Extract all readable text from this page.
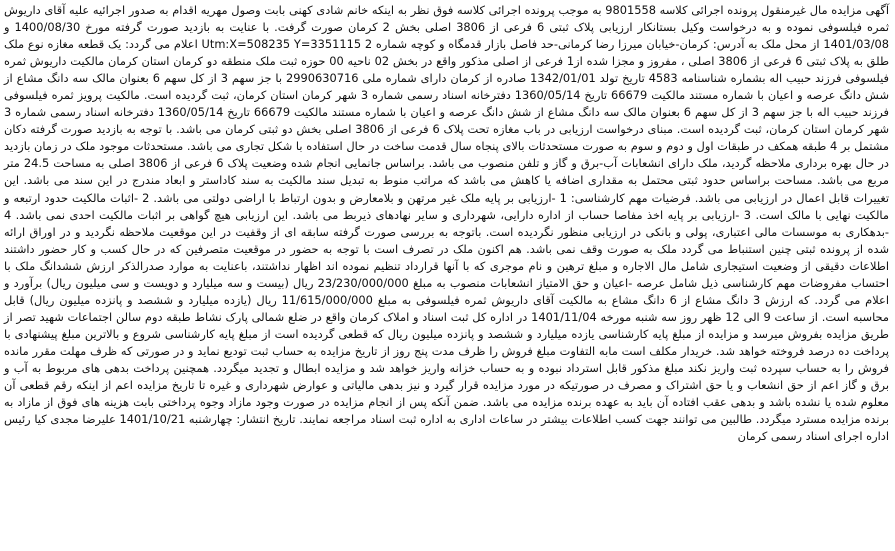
آگهی مزایده مال غیرمنقول پرونده اجرائی کلاسه 9801558 به موجب پرونده اجرائی کلاسه فوق نظر به اینکه خانم شادی کهنی بابت وصول مهریه اقدام به صدور اجرائیه علیه آقای داریوش ثمره فیلسوفی نموده و به درخواست وکیل بستانکار ارزیابی پلاک ثبتی 6 فرعی از 3806 اصلی بخش 2 کرمان صورت گرفت. با عنایت به بازدید صورت گرفته مورخ 1400/08/30 و 1401/03/08 از محل ملک به آدرس: کرمان-خیابان میرزا رضا کرمانی-حد فاصل بازار قدمگاه و کوچه شماره 2 Utm:X=508235 Y=3351115 اعلام می گردد: یک قطعه مغازه نوع ملک طلق به پلاک ثبتی 6 فرعی از 3806 اصلی ، مفروز و مجزا شده از1 فرعی از اصلی مذکور واقع در بخش 02 ناحیه 00 حوزه ثبت ملک منطقه دو کرمان استان کرمان مالکیت داریوش ثمره فیلسوفی فرزند حبیب اله بشماره شناسنامه 4583 تاریخ تولد 1342/01/01 صادره از کرمان دارای شماره ملی 2990630716 با جز سهم 3 از کل سهم 6 بعنوان مالک سه دانگ مشاع از شش دانگ عرصه و اعیان با شماره مستند مالکیت 66679 تاریخ 1360/05/14 دفترخانه اسناد رسمی شماره 3 شهر کرمان استان کرمان، ثبت گردیده است. مالکیت پرویز ثمره فیلسوفی فرزند حبیب اله با جز سهم 3 از کل سهم 6 بعنوان مالک سه دانگ مشاع از شش دانگ عرصه و اعیان با شماره مستند مالکیت 66679 تاریخ 1360/05/14 دفترخانه اسناد رسمی شماره 3 شهر کرمان استان کرمان، ثبت گردیده است. مبنای درخواست ارزیابی در باب مغازه تحت پلاک 6 فرعی از 3806 اصلی بخش دو ثبتی کرمان می باشد. با توجه به بازدید صورت گرفته دکان مشتمل بر 4 طبقه همکف در طبقات اول و دوم و سوم به صورت مستحدثات بالای پنجاه سال قدمت ساخت در حال استفاده با شکل تجاری می باشد. مستحدثات موجود ملک در زمان بازدید در حال بهره برداری ملاحظه گردید، ملک دارای انشعابات آب-برق و گاز و تلفن منصوب می باشد. براساس جانمایی انجام شده وضعیت پلاک 6 فرعی از 3806 اصلی به مساحت 24.5 متر مربع می باشد. مساحت براساس حدود ثبتی محتمل به مقداری اضافه یا کاهش می باشد که مراتب منوط به تبدیل سند مالکیت به سند کاداستر و ابعاد مندرج در این سند می باشد. این تغییرات قابل اعمال در ارزیابی می باشد. فرضیات مهم کارشناسی: 1 -ارزیابی بر پایه ملک غیر مرتهن و بلامعارض و بدون ارتباط با اراضی دولتی می باشد. 2 -اثبات مالکیت حدود ارتبعه و مالکیت نهایی با مالک است. 3 -ارزیابی بر پایه اخذ مفاصا حساب از اداره دارایی، شهرداری و سایر نهادهای ذیربط می باشد. این ارزیابی هیچ گواهی بر اثبات مالکیت احدی نمی باشد. 4 -بدهکاری به موسسات مالی اعتباری، پولی و بانکی در ارزیابی منظور نگردیده است. باتوجه به بررسی صورت گرفته سابقه ای از وقفیت در این موقعیت ملاحظه نگردید و در اوراق ارائه شده از پرونده ثبتی چنین استنباط می گردد ملک به صورت وقف نمی باشد. هم اکنون ملک در تصرف است با توجه به حضور در موقعیت متصرفین که در حال کسب و کار حضور داشتند اطلاعات دقیقی از وضعیت استیجاری شامل مال الاجاره و مبلغ ترهین و نام موجری که با آنها قرارداد تنظیم نموده اند اظهار نداشتند، باعنایت به موارد صدرالذکر ارزش ششدانگ ملک با احتساب مفروضات مهم کارشناسی ذیل شامل عرصه -اعیان و حق الامتیاز انشعابات منصوب به مبلغ 23/230/000/000 ریال (بیست و سه میلیارد و دویست و سی میلیون ریال) برآورد و اعلام می گردد. که ارزش 3 دانگ مشاع از 6 دانگ مشاع به مالکیت آقای داریوش ثمره فیلسوفی به مبلغ 11/615/000/000 ریال (یازده میلیارد و ششصد و پانزده میلیون ریال) قابل محاسبه است. از ساعت 9 الی 12 ظهر روز سه شنبه مورخه 1401/11/04 در اداره کل ثبت اسناد و املاک کرمان واقع در ضلع شمالی پارک نشاط طبقه دوم سالن اجتماعات شهید تصر از طریق مزایده بفروش میرسد و مزایده از مبلغ پایه کارشناسی یازده میلیارد و ششصد و پانزده میلیون ریال که قطعی گردیده است از مبلغ پایه کارشناسی شروع و بالاترین مبلغ پیشنهادی با پرداخت ده درصد فروخته خواهد شد. خریدار مکلف است مابه التفاوت مبلغ فروش را ظرف مدت پنج روز از تاریخ مزایده به حساب ثبت تودیع نماید و در صورتی که ظرف مهلت مقرر مانده فروش را به حساب سپرده ثبت واریز نکند مبلغ مذکور قابل استرداد نبوده و به حساب خزانه واریز خواهد شد و مزایده ابطال و تجدید میگردد. همچنین پرداخت بدهی های مربوط به آب و برق و گاز اعم از حق انشعاب و یا حق اشتراک و مصرف در صورتیکه در مورد مزایده قرار گیرد و نیز بدهی مالیاتی و عوارض شهرداری و غیره تا تاریخ مزایده اعم از اینکه رقم قطعی آن معلوم شده یا نشده باشد و بدهی عقب افتاده آن باید به عهده برنده مزایده می باشد. ضمن آنکه پس از انجام مزایده در صورت وجود مازاد وجوه پرداختی بابت هزینه های فوق از مازاد به برنده مزایده مسترد میگردد. طالبین می توانند جهت کسب اطلاعات بیشتر در ساعات اداری به اداره ثبت اسناد مراجعه نمایند. تاریخ انتشار: چهارشنبه 1401/10/21 علیرضا مجدی کیا رئیس اداره اجرای اسناد رسمی کرمان
